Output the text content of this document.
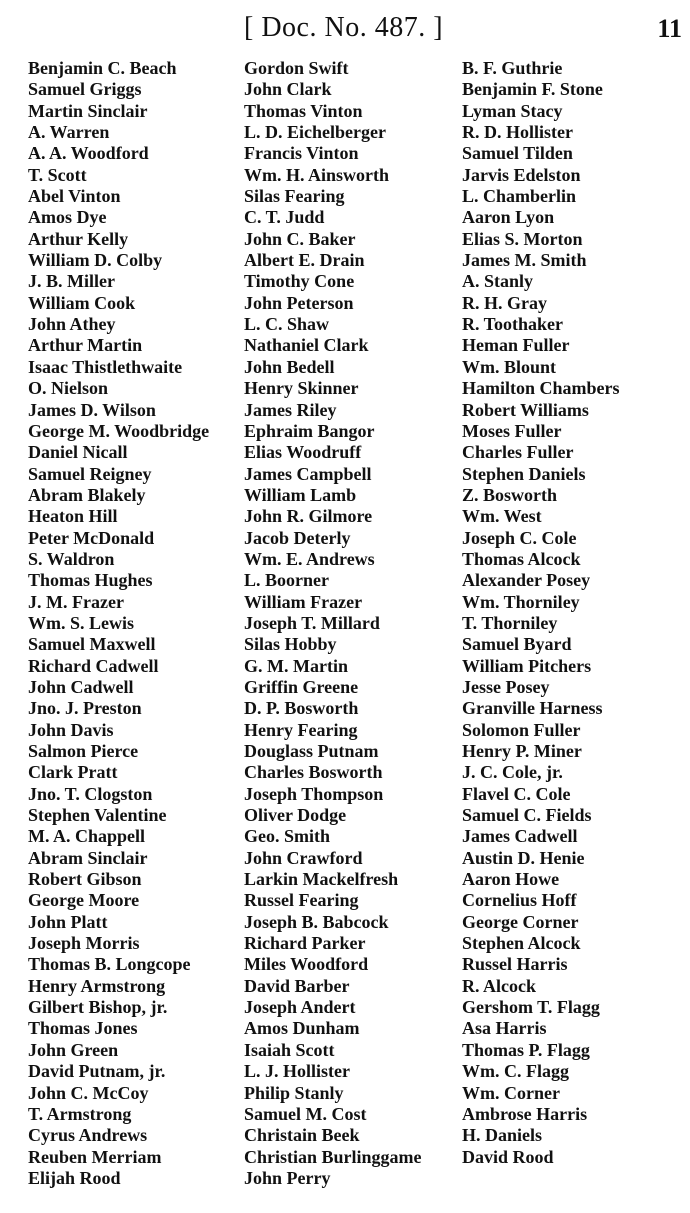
[ Doc. No. 487. ]	11
Benjamin C. Beach
Samuel Griggs
Martin Sinclair
A. Warren
A. A. Woodford
T. Scott
Abel Vinton
Amos Dye
Arthur Kelly
William D. Colby
J. B. Miller
William Cook
John Athey
Arthur Martin
Isaac Thistlethwaite
O. Nielson
James D. Wilson
George M. Woodbridge
Daniel Nicall
Samuel Reigney
Abram Blakely
Heaton Hill
Peter McDonald
S. Waldron
Thomas Hughes
J. M. Frazer
Wm. S. Lewis
Samuel Maxwell
Richard Cadwell
John Cadwell
Jno. J. Preston
John Davis
Salmon Pierce
Clark Pratt
Jno. T. Clogston
Stephen Valentine
M. A. Chappell
Abram Sinclair
Robert Gibson
George Moore
John Platt
Joseph Morris
Thomas B. Longcope
Henry Armstrong
Gilbert Bishop, jr.
Thomas Jones
John Green
David Putnam, jr.
John C. McCoy
T. Armstrong
Cyrus Andrews
Reuben Merriam
Elijah Rood
Gordon Swift
John Clark
Thomas Vinton
L. D. Eichelberger
Francis Vinton
Wm. H. Ainsworth
Silas Fearing
C. T. Judd
John C. Baker
Albert E. Drain
Timothy Cone
John Peterson
L. C. Shaw
Nathaniel Clark
John Bedell
Henry Skinner
James Riley
Ephraim Bangor
Elias Woodruff
James Campbell
William Lamb
John R. Gilmore
Jacob Deterly
Wm. E. Andrews
L. Boorner
William Frazer
Joseph T. Millard
Silas Hobby
G. M. Martin
Griffin Greene
D. P. Bosworth
Henry Fearing
Douglass Putnam
Charles Bosworth
Joseph Thompson
Oliver Dodge
Geo. Smith
John Crawford
Larkin Mackelfresh
Russel Fearing
Joseph B. Babcock
Richard Parker
Miles Woodford
David Barber
Joseph Andert
Amos Dunham
Isaiah Scott
L. J. Hollister
Philip Stanly
Samuel M. Cost
Christain Beek
Christian Burlinggame
John Perry
B. F. Guthrie
Benjamin F. Stone
Lyman Stacy
R. D. Hollister
Samuel Tilden
Jarvis Edelston
L. Chamberlin
Aaron Lyon
Elias S. Morton
James M. Smith
A. Stanly
R. H. Gray
R. Toothaker
Heman Fuller
Wm. Blount
Hamilton Chambers
Robert Williams
Moses Fuller
Charles Fuller
Stephen Daniels
Z. Bosworth
Wm. West
Joseph C. Cole
Thomas Alcock
Alexander Posey
Wm. Thorniley
T. Thorniley
Samuel Byard
William Pitchers
Jesse Posey
Granville Harness
Solomon Fuller
Henry P. Miner
J. C. Cole, jr.
Flavel C. Cole
Samuel C. Fields
James Cadwell
Austin D. Henie
Aaron Howe
Cornelius Hoff
George Corner
Stephen Alcock
Russel Harris
R. Alcock
Gershom T. Flagg
Asa Harris
Thomas P. Flagg
Wm. C. Flagg
Wm. Corner
Ambrose Harris
H. Daniels
David Rood
